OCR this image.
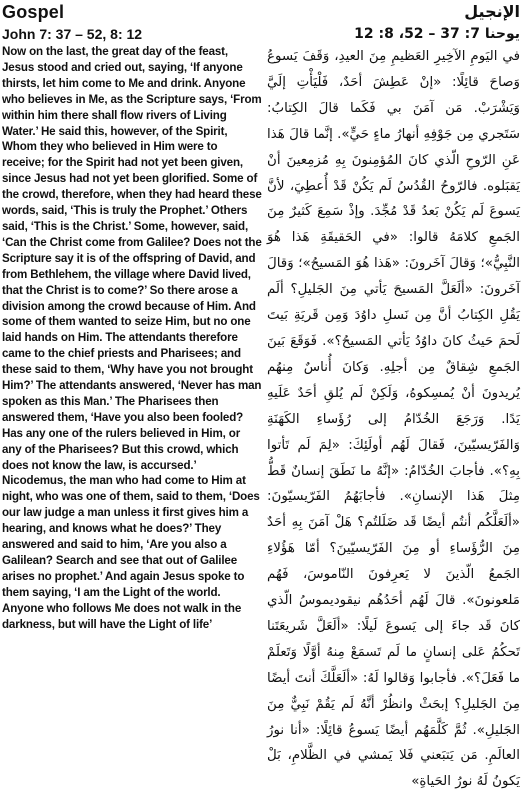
Gospel
John 7: 37 – 52, 8: 12
الإنجيل
يوحنا 7: 37 – 52، 8: 12
Now on the last, the great day of the feast, Jesus stood and cried out, saying, ‘If anyone thirsts, let him come to Me and drink. Anyone who believes in Me, as the Scripture says, ‘From within him there shall flow rivers of Living Water.’ He said this, however, of the Spirit, Whom they who believed in Him were to receive; for the Spirit had not yet been given, since Jesus had not yet been glorified. Some of the crowd, therefore, when they had heard these words, said, ‘This is truly the Prophet.’ Others said, ‘This is the Christ.’ Some, however, said, ‘Can the Christ come from Galilee? Does not the Scripture say it is of the offspring of David, and from Bethlehem, the village where David lived, that the Christ is to come?’ So there arose a division among the crowd because of Him. And some of them wanted to seize Him, but no one laid hands on Him. The attendants therefore came to the chief priests and Pharisees; and these said to them, ‘Why have you not brought Him?’ The attendants answered, ‘Never has man spoken as this Man.’ The Pharisees then answered them, ‘Have you also been fooled? Has any one of the rulers believed in Him, or any of the Pharisees? But this crowd, which does not know the law, is accursed.’ Nicodemus, the man who had come to Him at night, who was one of them, said to them, ‘Does our law judge a man unless it first gives him a hearing, and knows what he does?’ They answered and said to him, ‘Are you also a Galilean? Search and see that out of Galilee arises no prophet.’ And again Jesus spoke to them saying, ‘I am the Light of the world. Anyone who follows Me does not walk in the darkness, but will have the Light of life’
في اليَومِ الآخِيرِ العَظيمِ مِنَ العيدِ، وَقَفَ يَسوعُ وَصاحَ قائِلًا: «إنْ عَطِشَ أحَدٌ، فَلْيَأْتِ إلَيَّ وَيَشْرَبْ. مَن آمَنَ بي فَكَما قالَ الكِتابُ: سَتَجري مِن جَوْفِهِ أنهارُ ماءٍ حَيٍّ». إنَّما قالَ هَذا عَنِ الرّوحِ الّذي كانَ المُؤمِنونَ بِهِ مُزمِعينَ أنْ يَقبَلوه. فالرّوحُ القُدُسُ لَم يَكُنْ قَدْ أُعطِيَ، لأنَّ يَسوعَ لَم يَكُنْ بَعدُ قَدْ مُجِّدَ. وإذْ سَمِعَ كَثيرٌ مِنَ الجَمعِ كلامَهُ قالوا: «في الحَقيقَةِ هَذا هُوَ النَّبِيُّ»؛ وَقالَ آخَرونَ: «هَذا هُوَ المَسيحُ»؛ وَقالَ آخَرونَ: «ألَعَلَّ المَسيحَ يَأتي مِنَ الجَليلِ؟ ألَم يَقُلِ الكِتابُ أنَّ مِن نَسلِ داوُدَ وَمِن قَريَةِ بَيتَ لَحمَ حَيثُ كانَ داوُدُ يَأتي المَسيحُ؟». فَوَقَعَ بَينَ الجَمعِ شِقاقٌ مِن أجلِهِ. وَكانَ أُناسٌ مِنهُم يُريدونَ أنْ يُمسِكوهُ، وَلَكِنْ لَم يُلقِ أحَدٌ عَلَيهِ يَدًا. وَرَجَعَ الخُدّامُ إلى رُؤَساءِ الكَهَنَةِ وَالفَرّيسيّينَ، فَقالَ لَهُم أولَئِكَ: «لِمَ لَم تَأتوا بِهِ؟». فأجابَ الخُدّامُ: «إنَّهُ ما نَطَقَ إنسانٌ قَطُّ مِثلَ هَذا الإنسانِ». فأجابَهُمُ الفَرّيسيّونَ: «ألَعَلَّكُم أنتُم أيضًا قَد ضَلَلتُم؟ هَلْ آمَنَ بِهِ أحَدٌ مِنَ الرُّؤَساءِ أو مِنَ الفَرّيسيّينَ؟ أمّا هَؤُلاءِ الجَمعُ الّذينَ لا يَعرِفونَ النّاموسَ، فَهُم مَلعونونَ». قالَ لَهُم أحَدُهُم نيقوديموسُ الّذي كانَ قَد جاءَ إلى يَسوعَ لَيلًا: «ألَعَلَّ شَريعَتَنا تَحكُمُ عَلى إنسانٍ ما لَم تَسمَعْ مِنهُ أوَّلًا وَتَعلَمْ ما فَعَلَ؟». فأجابوا وَقالوا لَهُ: «ألَعَلَّكَ أنتَ أيضًا مِنَ الجَليلِ؟ إبحَثْ وانظُرْ أنَّهُ لَم يَقُمْ نَبِيٌّ مِنَ الجَليلِ». ثُمَّ كَلَّمَهُم أيضًا يَسوعُ قائِلًا: «أنا نورُ العالَمِ. مَن يَتبَعني فَلا يَمشي في الظَّلامِ، بَلْ يَكونُ لَهُ نورُ الحَياةِ»
